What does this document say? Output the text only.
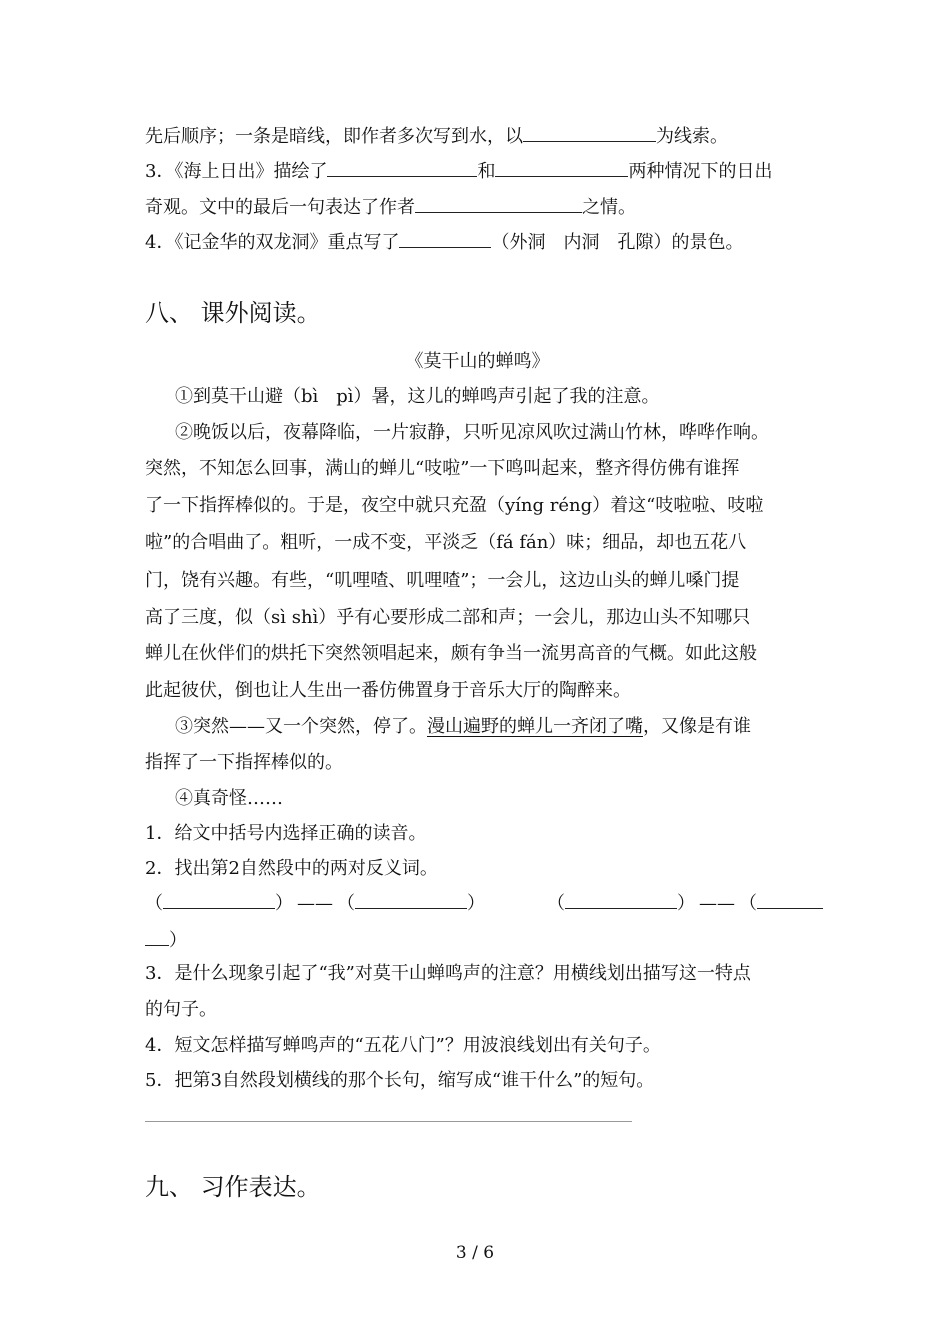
先后顺序；一条是暗线，即作者多次写到水，以	为线索。
3．《海上日出》描绘了	和	两种情况下的日出
奇观。文中的最后一句表达了作者	之情。
4．《记金华的双龙洞》重点写了	（外洞　内洞　孔隙）的景色。
八、 课外阅读。
《莫干山的蝉鸣》
①到莫干山避（bì　pì）暑，这儿的蝉鸣声引起了我的注意。
②晚饭以后，夜幕降临，一片寂静，只听见凉风吹过满山竹林，哗哗作响。
突然，不知怎么回事，满山的蝉儿“吱啦”一下鸣叫起来，整齐得仿佛有谁挥
了一下指挥棒似的。于是，夜空中就只充盈（yíng réng）着这“吱啦啦、吱啦
啦”的合唱曲了。粗听，一成不变，平淡乏（fá fán）味；细品，却也五花八
门，饶有兴趣。有些，“叽哩喳、叽哩喳”；一会儿，这边山头的蝉儿嗓门提
高了三度，似（sì shì）乎有心要形成二部和声；一会儿，那边山头不知哪只
蝉儿在伙伴们的烘托下突然领唱起来，颇有争当一流男高音的气概。如此这般
此起彼伏，倒也让人生出一番仿佛置身于音乐大厅的陶醉来。
③突然——又一个突然，停了。漫山遍野的蝉儿一齐闭了嘴，又像是有谁
指挥了一下指挥棒似的。
④真奇怪……
1．给文中括号内选择正确的读音。
2．找出第2自然段中的两对反义词。
（	） —— （	）	（	） —— （
）
3．是什么现象引起了“我”对莫干山蝉鸣声的注意？用横线划出描写这一特点
的句子。
4．短文怎样描写蝉鸣声的“五花八门”？用波浪线划出有关句子。
5．把第3自然段划横线的那个长句，缩写成“谁干什么”的短句。
九、 习作表达。
3 / 6
